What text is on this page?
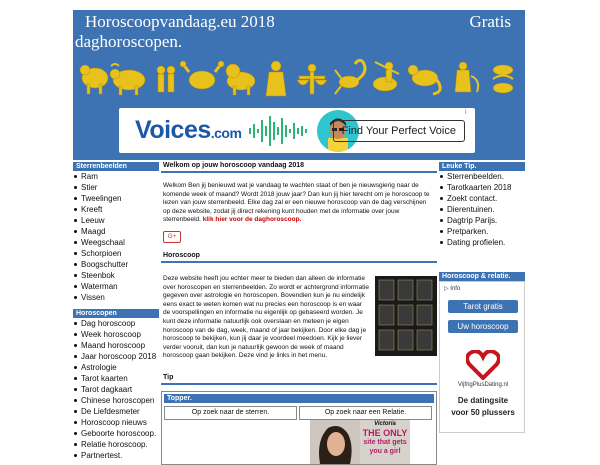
Horoscoopvandaag.eu 2018	Gratis
daghoroscopen.
Voices.com	Find Your Perfect Voice
i
Sterrenbeelden
Ram
Stier
Tweelingen
Kreeft
Leeuw
Maagd
Weegschaal
Schorpioen
Boogschutter
Steenbok
Waterman
Vissen
Horoscopen
Dag horoscoop
Week horoscoop
Maand horoscoop
Jaar horoscoop 2018
Astrologie
Tarot kaarten
Tarot dagkaart
Chinese horoscopen
De Liefdesmeter
Horoscoop nieuws
Geboorte horoscoop.
Relatie horoscoop.
Partnertest.
Welkom op jouw horoscoop vandaag 2018
Welkom Ben jij benieuwd wat je vandaag te wachten staat of ben je nieuwsgierig naar de komende week of maand? Wordt 2018 jouw jaar? Dan kun jij hier terecht om je horoscoop te lezen van jouw sterrenbeeld. Elke dag zal er een nieuwe horoscoop van de dag verschijnen op deze website, zodat jij direct rekening kunt houden met de informatie over jouw sterrenbeeld. klik hier voor de daghoroscoop.
G+
Horoscoop
Deze website heeft jou echter meer te bieden dan alleen de informatie over horoscopen en sterrenbeelden. Zo wordt er achtergrond informatie gegeven over astrologie en horoscopen. Bovendien kun je nu eindelijk eens exact te weten komen wat nu precies een horoscoop is en waar de voorspellingen en informatie nu eigenlijk op gebaseerd worden. Je kunt deze informatie natuurlijk ook overslaan en meteen je eigen horoscoop van de dag, week, maand of jaar bekijken. Door elke dag je horoscoop te bekijken, kun jij daar je voordeel meedoen. Kijk je liever verder vooruit, dan kun je natuurlijk gewoon de week of maand horoscoop gaan bekijken. Deze vind je links in het menu.
Tip
Topper.
Op zoek naar de sterren.	Op zoek naar een Relatie.
Victoria
THE ONLY
site that gets
you a girl
Leuke Tip.
Sterrenbeelden.
Tarotkaarten 2018
Zoekt contact.
Dierentuinen.
Dagtrip Parijs.
Pretparken.
Dating profielen.
Horoscoop & relatie.
▷ Info
Tarot gratis
Uw horoscoop
VijfrigPlusDating.nl
De datingsite
voor 50 plussers
